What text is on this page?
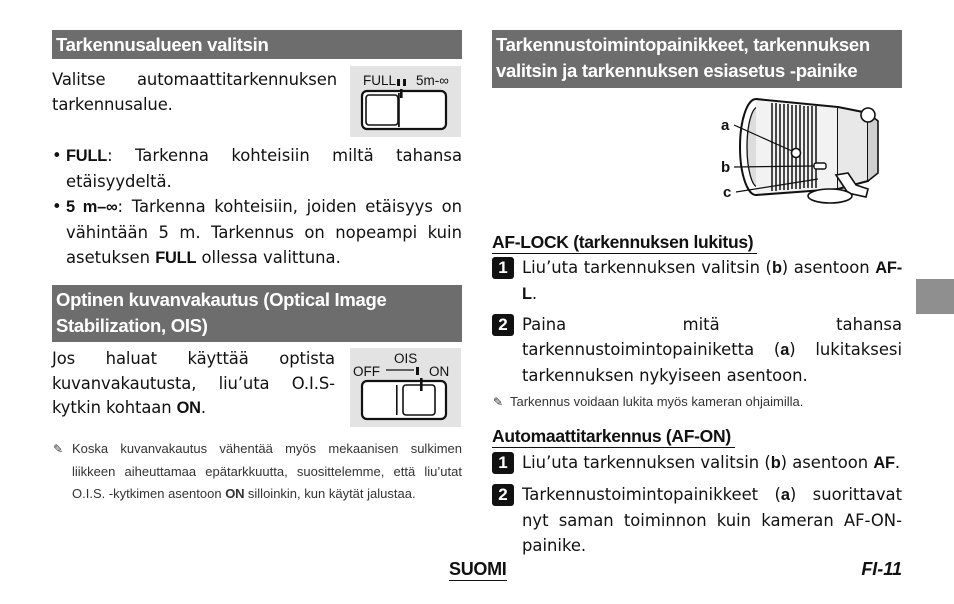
Tarkennusalueen valitsin
Valitse automaattitarkennuksen tarkennusalue.
FULL 5m-∞
• FULL: Tarkenna kohteisiin miltä tahansa etäisyydeltä.
• 5 m–∞: Tarkenna kohteisiin, joiden etäisyys on vähintään 5 m. Tarkennus on nopeampi kuin asetuksen FULL ollessa valittuna.
Optinen kuvanvakautus (Optical Image
Stabilization, OIS)
Jos haluat käyttää optista kuvanvakautusta, liu’uta O.I.S-kytkin kohtaan ON.
OIS
OFF	ON
✎ Koska kuvanvakautus vähentää myös mekaanisen sulkimen liikkeen aiheuttamaa epätarkkuutta, suosittelemme, että liu’utat O.I.S. -kytkimen asentoon ON silloinkin, kun käytät jalustaa.
Tarkennustoimintopainikkeet, tarkennuksen
valitsin ja tarkennuksen esiasetus -painike
a
b
c
AF-LOCK (tarkennuksen lukitus)
1 Liu’uta tarkennuksen valitsin (b) asentoon AF-L.
2 Paina mitä tahansa tarkennustoimintopainiketta (a) lukitaksesi tarkennuksen nykyiseen asentoon.
✎ Tarkennus voidaan lukita myös kameran ohjaimilla.
Automaattitarkennus (AF-ON)
1 Liu’uta tarkennuksen valitsin (b) asentoon AF.
2 Tarkennustoimintopainikkeet (a) suorittavat nyt saman toiminnon kuin kameran AF-ON-painike.
SUOMI	FI-11
